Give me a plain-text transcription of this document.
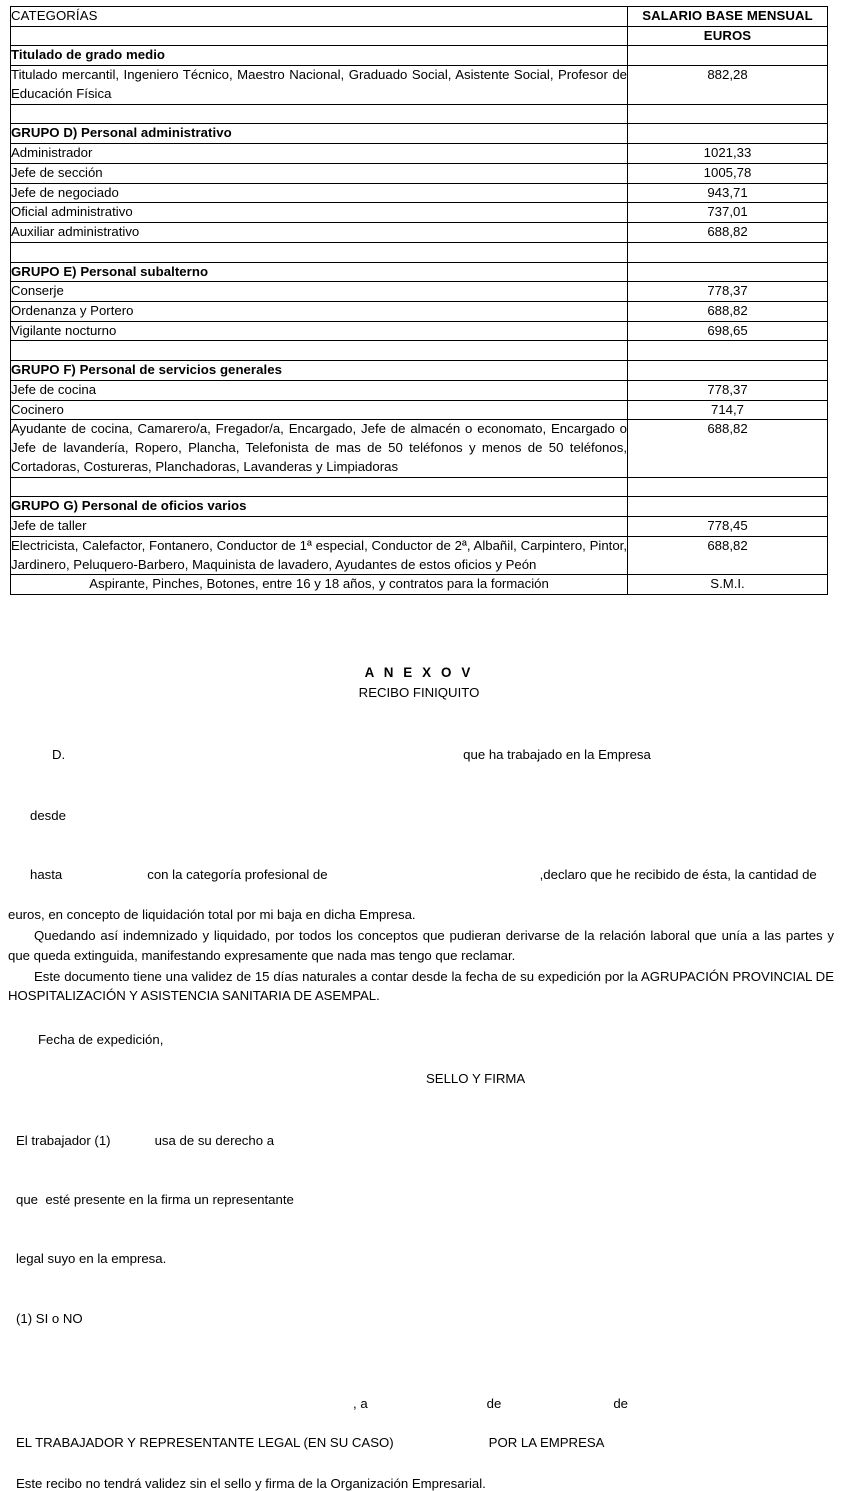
CATEGORÍAS	SALARIO BASE MENSUAL
	EUROS
Titulado de grado medio	
Titulado mercantil, Ingeniero Técnico, Maestro Nacional, Graduado Social, Asistente Social, Profesor de Educación Física	882,28

GRUPO D) Personal administrativo	
Administrador	1021,33
Jefe de sección	1005,78
Jefe de negociado	943,71
Oficial administrativo	737,01
Auxiliar administrativo	688,82

GRUPO E) Personal subalterno	
Conserje	778,37
Ordenanza y Portero	688,82
Vigilante nocturno	698,65

GRUPO F) Personal de servicios generales	
Jefe de cocina	778,37
Cocinero	714,7
Ayudante de cocina, Camarero/a, Fregador/a, Encargado, Jefe de almacén o economato, Encargado o Jefe de lavandería, Ropero, Plancha, Telefonista de mas de 50 teléfonos y menos de 50 teléfonos, Cortadoras, Costureras, Planchadoras, Lavanderas y Limpiadoras	688,82

GRUPO G) Personal de oficios varios	
Jefe de taller	778,45
Electricista, Calefactor, Fontanero, Conductor de 1ª especial, Conductor de 2ª, Albañil, Carpintero, Pintor, Jardinero, Peluquero-Barbero, Maquinista de lavadero, Ayudantes de estos oficios y Peón	688,82
Aspirante, Pinches, Botones, entre 16 y 18 años, y contratos para la formación	S.M.I.
A N E X O V
RECIBO FINIQUITO

D.	que ha trabajado en la Empresa

desde

hasta	con la categoría profesional de	,declaro que he recibido de ésta, la cantidad de

euros, en concepto de liquidación total por mi baja en dicha Empresa.
Quedando así indemnizado y liquidado, por todos los conceptos que pudieran derivarse de la relación laboral que unía a las partes y que queda extinguida, manifestando expresamente que nada mas tengo que reclamar.
Este documento tiene una validez de 15 días naturales a contar desde la fecha de su expedición por la AGRUPACIÓN PROVINCIAL DE HOSPITALIZACIÓN Y ASISTENCIA SANITARIA DE ASEMPAL.
Fecha de expedición,
SELLO Y FIRMA

El trabajador (1)	usa de su derecho a

que  esté presente en la firma un representante

legal suyo en la empresa.

(1) SI o NO

, a	de	de
EL TRABAJADOR Y REPRESENTANTE LEGAL (EN SU CASO)	POR LA EMPRESA
Este recibo no tendrá validez sin el sello y firma de la Organización Empresarial.
